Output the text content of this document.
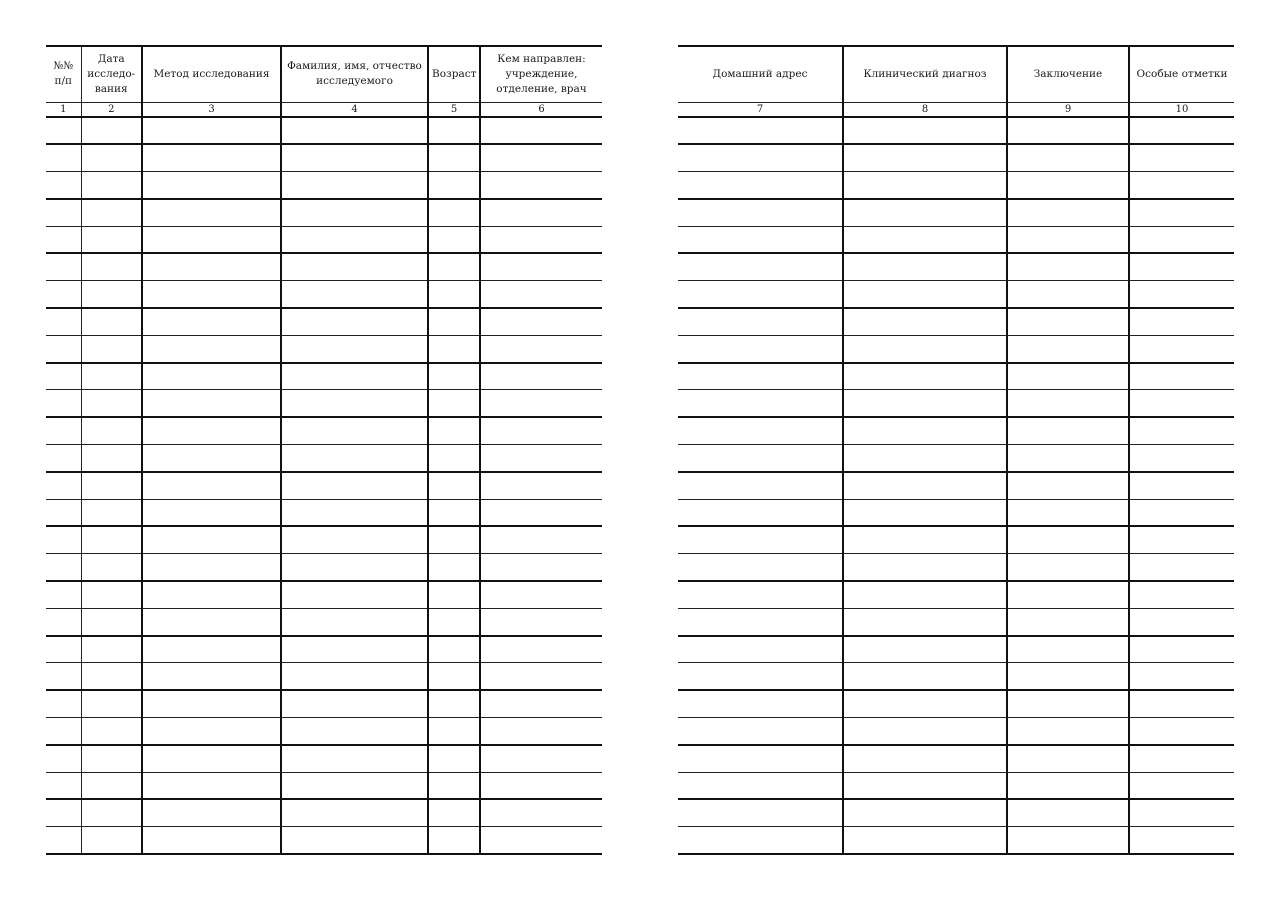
№№ п/п	Дата исследо-вания	Метод исследования	Фамилия, имя, отчество исследуемого	Возраст	Кем направлен: учреждение, отделение, врач

1	2	3	4	5	6

Домашний адрес	Клинический диагноз	Заключение	Особые отметки

7	8	9	10
